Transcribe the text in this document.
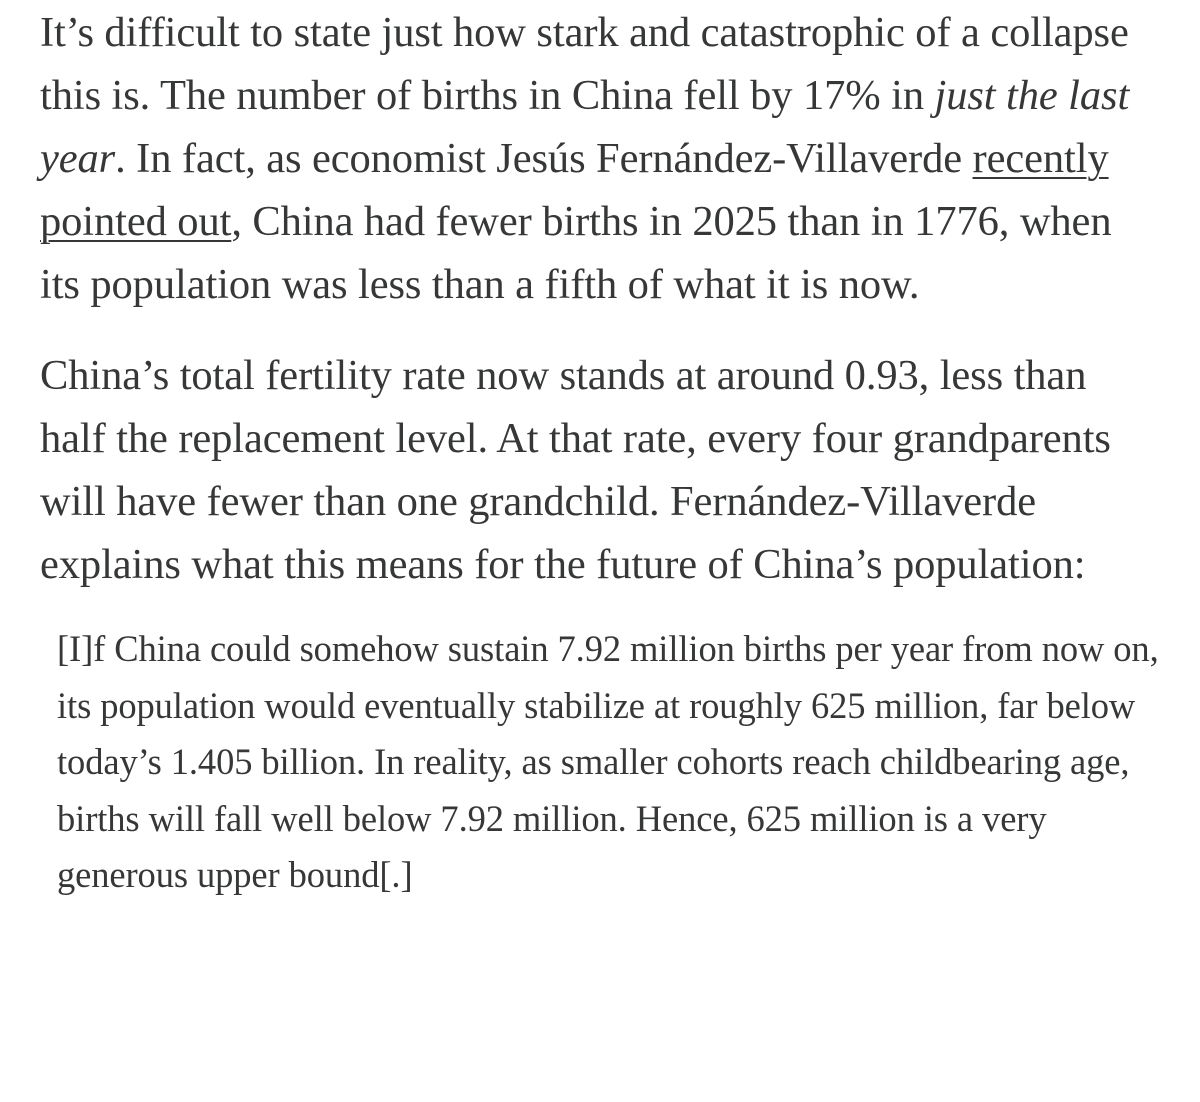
It’s difficult to state just how stark and catastrophic of a collapse this is. The number of births in China fell by 17% in just the last year. In fact, as economist Jesús Fernández-Villaverde recently pointed out, China had fewer births in 2025 than in 1776, when its population was less than a fifth of what it is now.

China’s total fertility rate now stands at around 0.93, less than half the replacement level. At that rate, every four grandparents will have fewer than one grandchild. Fernández-Villaverde explains what this means for the future of China’s population:

[I]f China could somehow sustain 7.92 million births per year from now on, its population would eventually stabilize at roughly 625 million, far below today’s 1.405 billion. In reality, as smaller cohorts reach childbearing age, births will fall well below 7.92 million. Hence, 625 million is a very generous upper bound[.]
